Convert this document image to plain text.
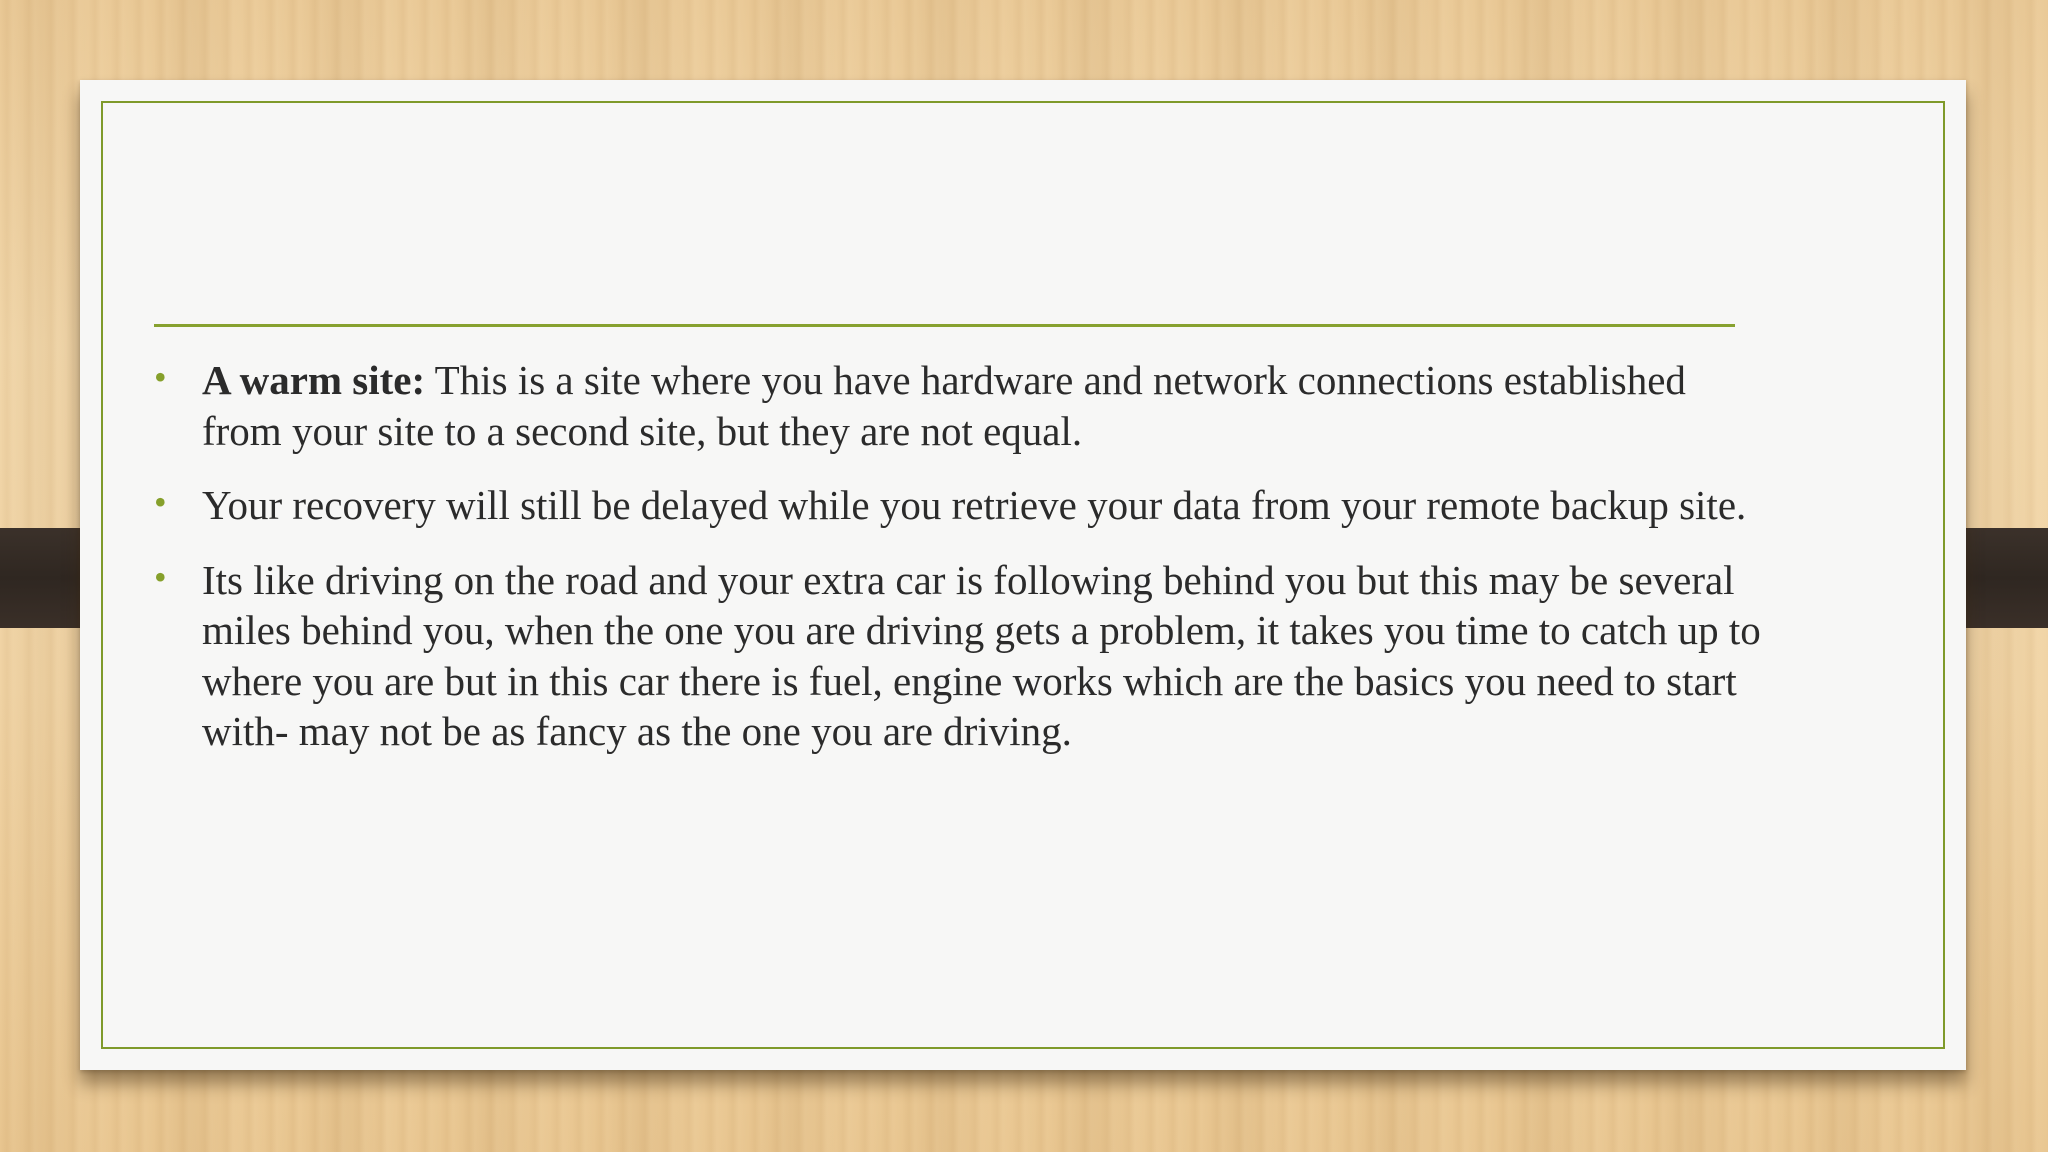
• A warm site: This is a site where you have hardware and network connections established from your site to a second site, but they are not equal.
• Your recovery will still be delayed while you retrieve your data from your remote backup site.
• Its like driving on the road and your extra car is following behind you but this may be several miles behind you, when the one you are driving gets a problem, it takes you time to catch up to where you are but in this car there is fuel, engine works which are the basics you need to start with- may not be as fancy as the one you are driving.
